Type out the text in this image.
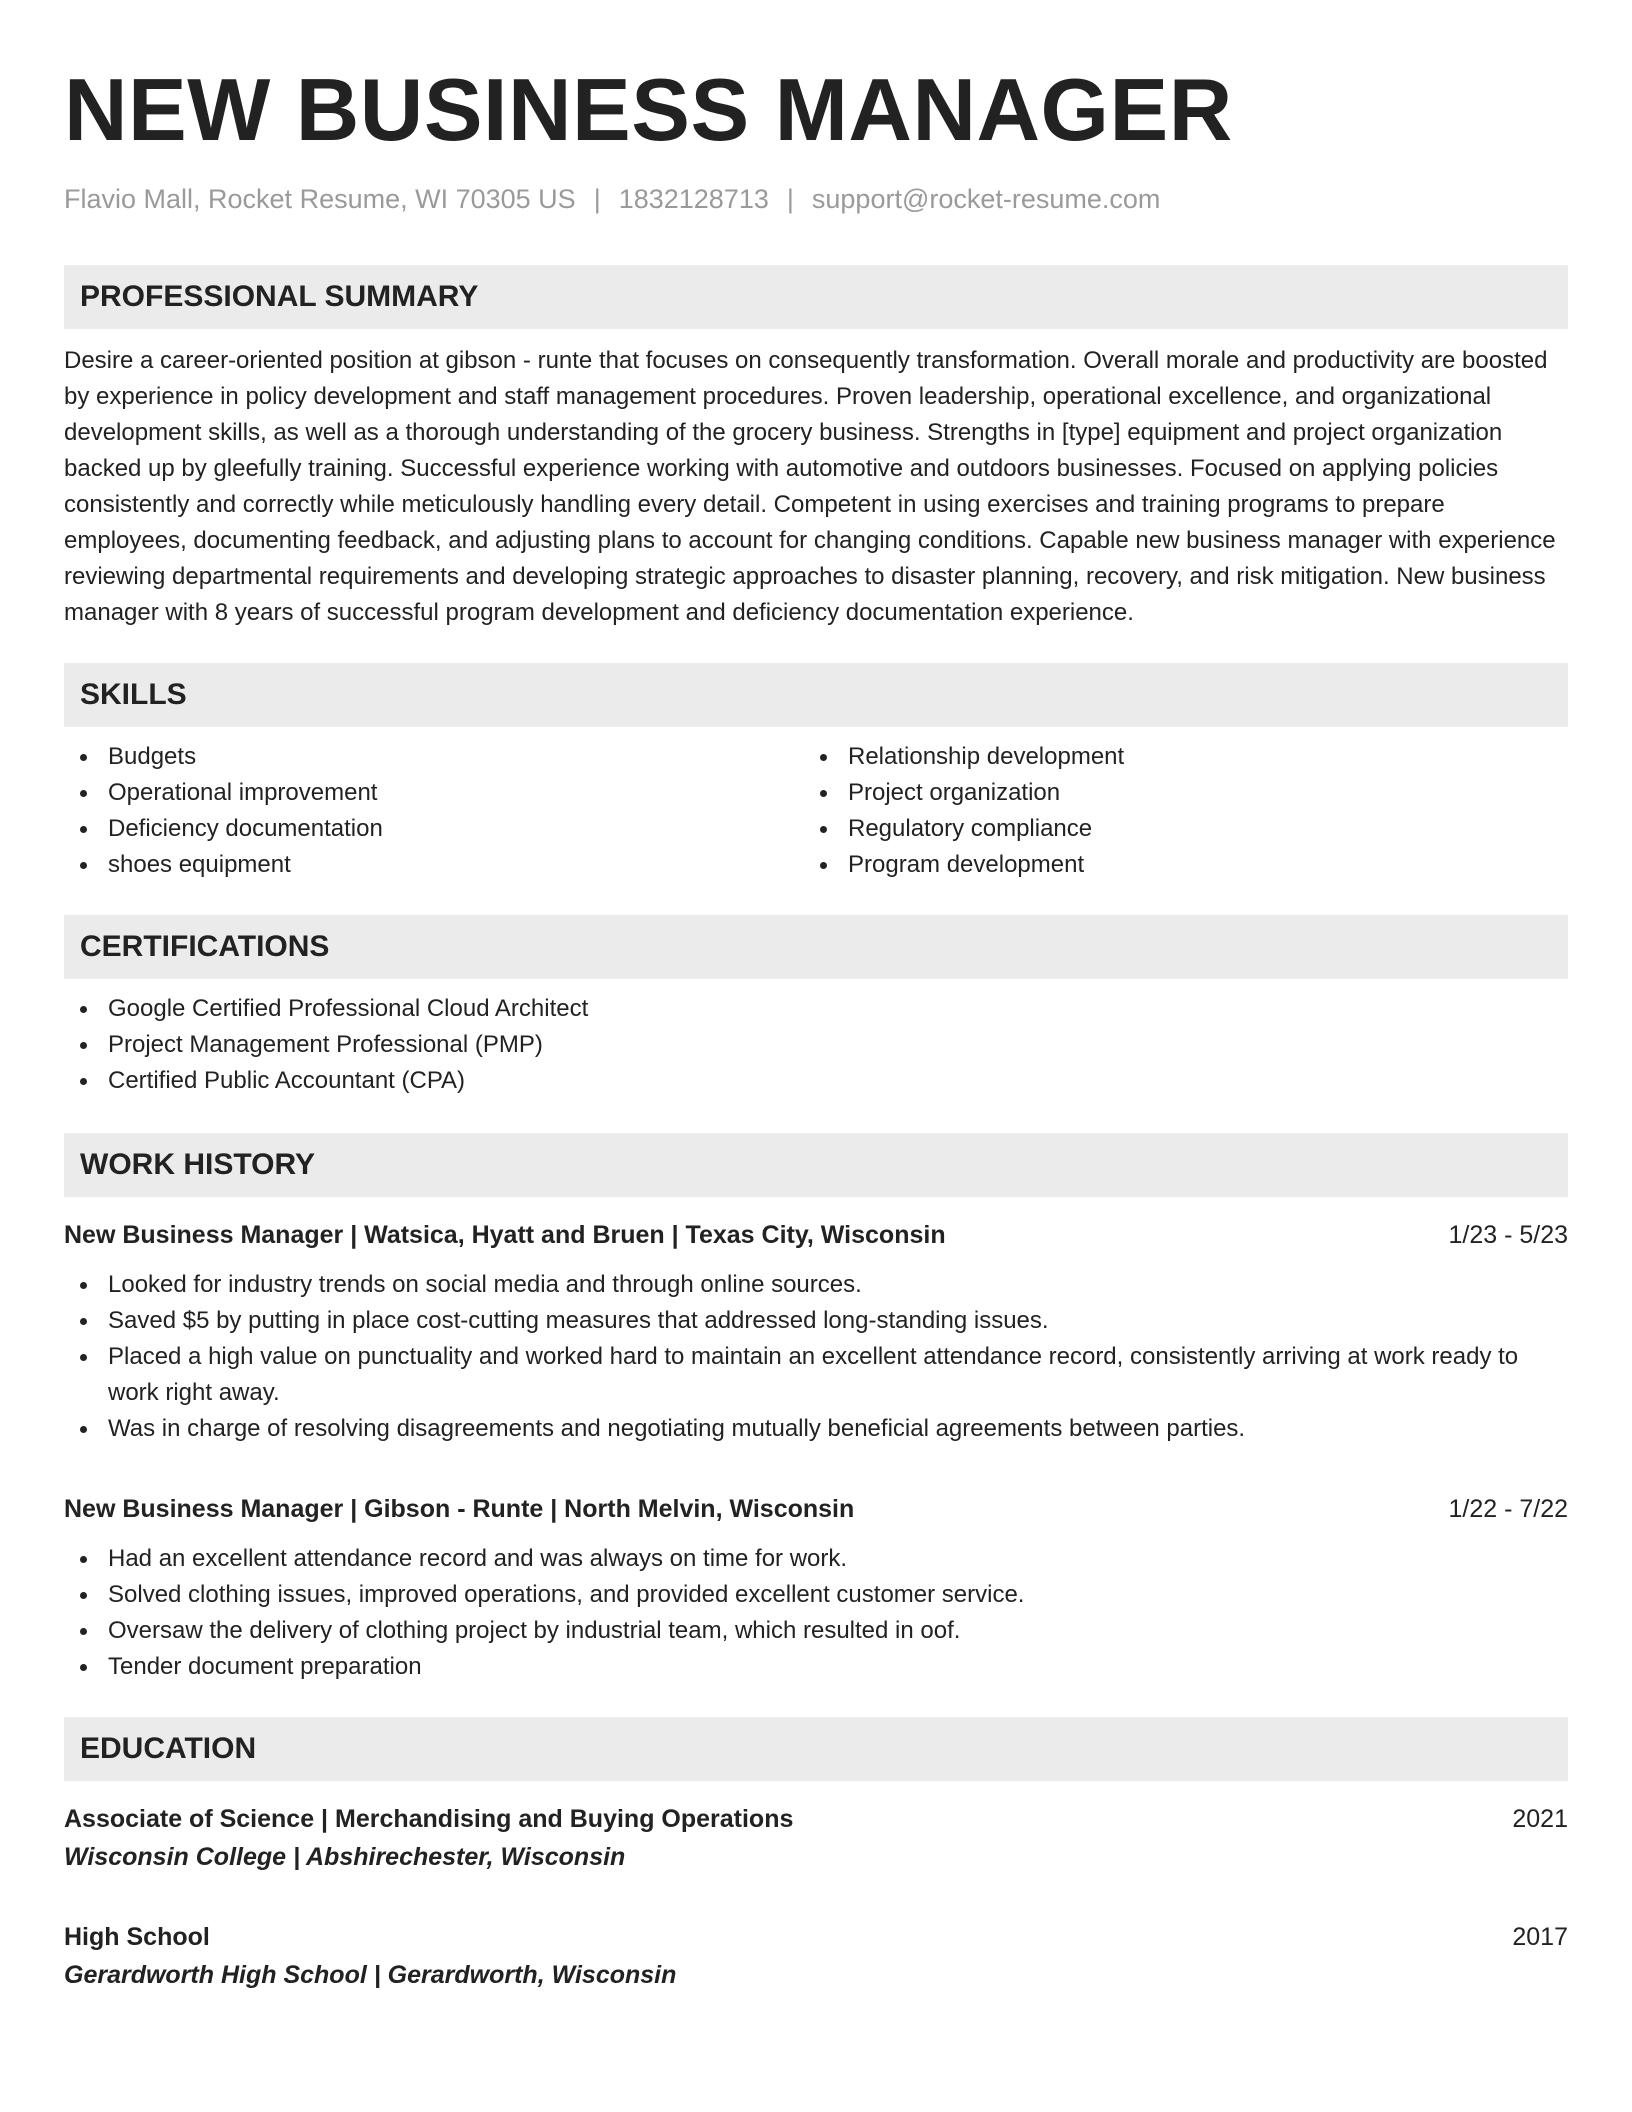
NEW BUSINESS MANAGER
Flavio Mall, Rocket Resume, WI 70305 US | 1832128713 | support@rocket-resume.com
PROFESSIONAL SUMMARY
Desire a career-oriented position at gibson - runte that focuses on consequently transformation. Overall morale and productivity are boosted by experience in policy development and staff management procedures. Proven leadership, operational excellence, and organizational development skills, as well as a thorough understanding of the grocery business. Strengths in [type] equipment and project organization backed up by gleefully training. Successful experience working with automotive and outdoors businesses. Focused on applying policies consistently and correctly while meticulously handling every detail. Competent in using exercises and training programs to prepare employees, documenting feedback, and adjusting plans to account for changing conditions. Capable new business manager with experience reviewing departmental requirements and developing strategic approaches to disaster planning, recovery, and risk mitigation. New business manager with 8 years of successful program development and deficiency documentation experience.
SKILLS
Budgets
Operational improvement
Deficiency documentation
shoes equipment
Relationship development
Project organization
Regulatory compliance
Program development
CERTIFICATIONS
Google Certified Professional Cloud Architect
Project Management Professional (PMP)
Certified Public Accountant (CPA)
WORK HISTORY
New Business Manager | Watsica, Hyatt and Bruen | Texas City, Wisconsin	1/23 - 5/23
Looked for industry trends on social media and through online sources.
Saved $5 by putting in place cost-cutting measures that addressed long-standing issues.
Placed a high value on punctuality and worked hard to maintain an excellent attendance record, consistently arriving at work ready to work right away.
Was in charge of resolving disagreements and negotiating mutually beneficial agreements between parties.
New Business Manager | Gibson - Runte | North Melvin, Wisconsin	1/22 - 7/22
Had an excellent attendance record and was always on time for work.
Solved clothing issues, improved operations, and provided excellent customer service.
Oversaw the delivery of clothing project by industrial team, which resulted in oof.
Tender document preparation
EDUCATION
Associate of Science | Merchandising and Buying Operations	2021
Wisconsin College | Abshirechester, Wisconsin
High School	2017
Gerardworth High School | Gerardworth, Wisconsin
